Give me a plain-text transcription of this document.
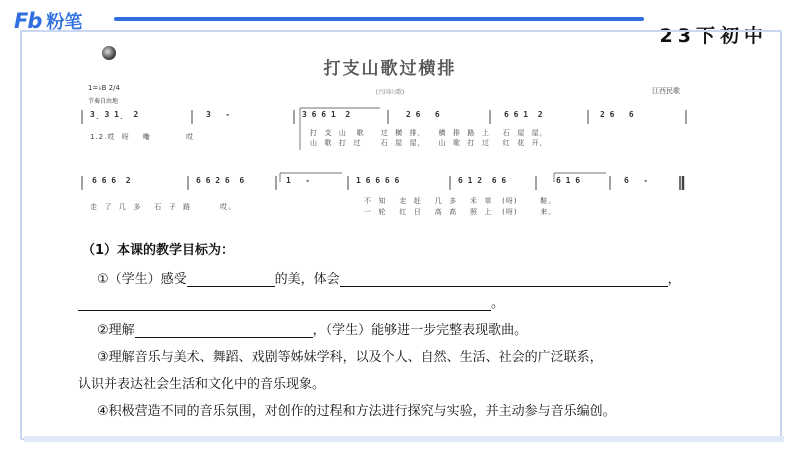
Fb 粉笔
23下初中
打支山歌过横排
(兴国山歌)	江西民歌
1=♭B 2/4
节奏自由地
3̣ 3 1̣  2	3   -	3 6 6 1  2	2 6   6	6 6 1  2	2 6   6
1.2.哎  呀    嘞           哎	打  支  山   歌     过  横  排，    横  排  路  上    石  屋  屋，
山  歌  打  过      石  屋  屋，    山  歌  打  过    红  花  开，
6 6 6  2	6 6 2 6  6	1   -	1 6 6 6 6	6 1 2  6 6	6 1 6	6   -
走  了  几  多    石  子  路         哎。
不  知    走  赶    几  多    禾  草   (呀)       鞋。
一  轮    红  日    高  高    照  上   (呀)       来。
（1）本课的教学目标为：
①（学生）感受	的美，体会	，
。
②理解	，（学生）能够进一步完整表现歌曲。
③理解音乐与美术、舞蹈、戏剧等姊妹学科，以及个人、自然、生活、社会的广泛联系，
认识并表达社会生活和文化中的音乐现象。
④积极营造不同的音乐氛围，对创作的过程和方法进行探究与实验，并主动参与音乐编创。
